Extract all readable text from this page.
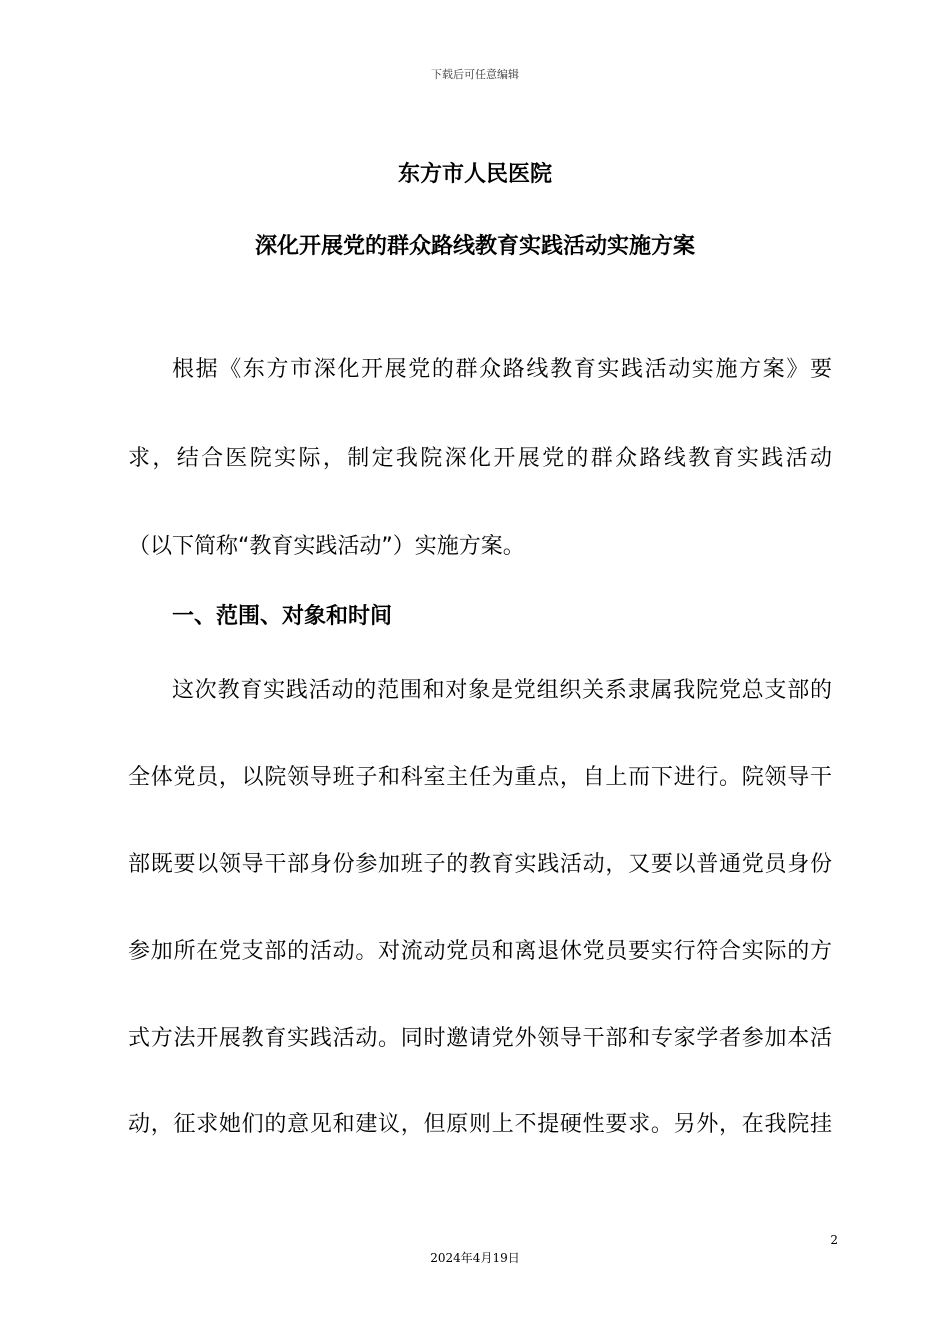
下载后可任意编辑
东方市人民医院
深化开展党的群众路线教育实践活动实施方案
根据《东方市深化开展党的群众路线教育实践活动实施方案》要
求，结合医院实际，制定我院深化开展党的群众路线教育实践活动
（以下简称“教育实践活动”）实施方案。
一、范围、对象和时间
这次教育实践活动的范围和对象是党组织关系隶属我院党总支部的
全体党员，以院领导班子和科室主任为重点，自上而下进行。院领导干
部既要以领导干部身份参加班子的教育实践活动，又要以普通党员身份
参加所在党支部的活动。对流动党员和离退休党员要实行符合实际的方
式方法开展教育实践活动。同时邀请党外领导干部和专家学者参加本活
动，征求她们的意见和建议，但原则上不提硬性要求。另外，在我院挂
2
2024年4月19日
